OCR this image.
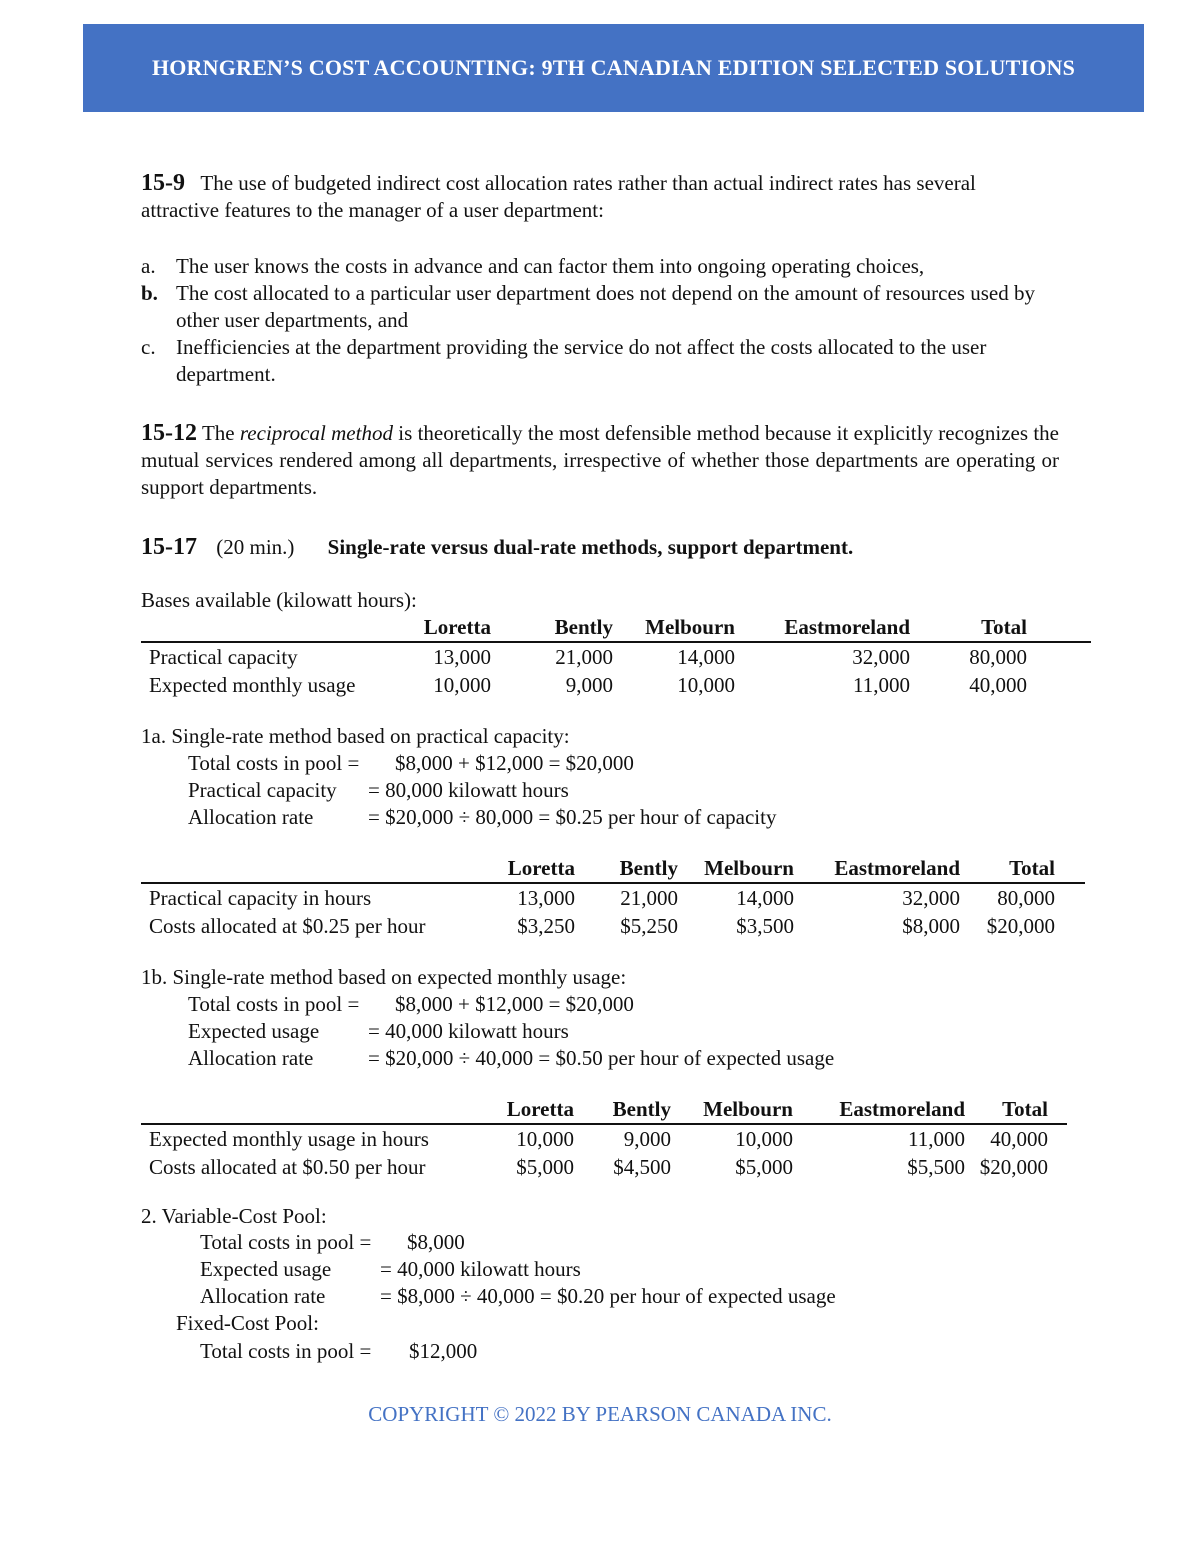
HORNGREN’S COST ACCOUNTING: 9TH CANADIAN EDITION SELECTED SOLUTIONS
15-9 The use of budgeted indirect cost allocation rates rather than actual indirect rates has several attractive features to the manager of a user department:
a. The user knows the costs in advance and can factor them into ongoing operating choices,
b. The cost allocated to a particular user department does not depend on the amount of resources used by other user departments, and
c. Inefficiencies at the department providing the service do not affect the costs allocated to the user department.
15-12 The reciprocal method is theoretically the most defensible method because it explicitly recognizes the mutual services rendered among all departments, irrespective of whether those departments are operating or support departments.
15-17 (20 min.) Single-rate versus dual-rate methods, support department.
Bases available (kilowatt hours):
	Loretta	Bently	Melbourn	Eastmoreland	Total	
Practical capacity	13,000	21,000	14,000	32,000	80,000	
Expected monthly usage	10,000	9,000	10,000	11,000	40,000	
1a. Single-rate method based on practical capacity:
Total costs in pool = $8,000 + $12,000 = $20,000
Practical capacity = 80,000 kilowatt hours
Allocation rate	= $20,000 ÷ 80,000 = $0.25 per hour of capacity
	Loretta	Bently	Melbourn	Eastmoreland	Total	
Practical capacity in hours	13,000	21,000	14,000	32,000	80,000	
Costs allocated at $0.25 per hour	$3,250	$5,250	$3,500	$8,000	$20,000	
1b. Single-rate method based on expected monthly usage:
Total costs in pool = $8,000 + $12,000 = $20,000
Expected usage = 40,000 kilowatt hours
Allocation rate	= $20,000 ÷ 40,000 = $0.50 per hour of expected usage
	Loretta	Bently	Melbourn	Eastmoreland	Total	
Expected monthly usage in hours	10,000	9,000	10,000	11,000	40,000	
Costs allocated at $0.50 per hour	$5,000	$4,500	$5,000	$5,500	$20,000	
2. Variable-Cost Pool:
Total costs in pool = $8,000
Expected usage = 40,000 kilowatt hours
Allocation rate	= $8,000 ÷ 40,000 = $0.20 per hour of expected usage
Fixed-Cost Pool:
Total costs in pool = $12,000
COPYRIGHT © 2022 BY PEARSON CANADA INC.
